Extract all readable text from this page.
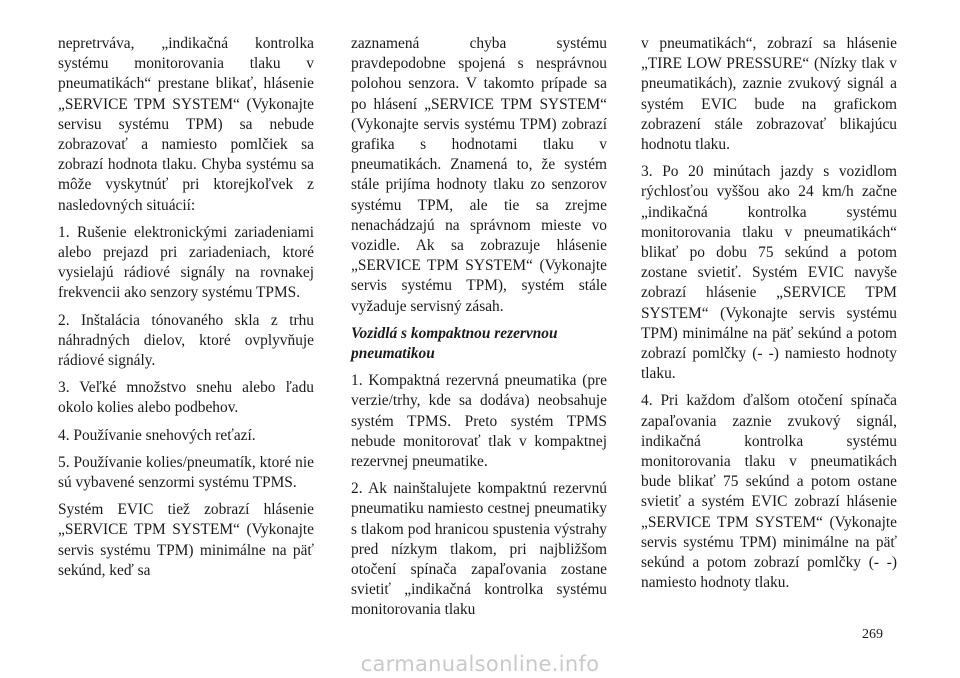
nepretrváva, „indikačná kontrolka systému monitorovania tlaku v pneumatikách“ prestane blikať, hlásenie „SERVICE TPM SYSTEM“ (Vykonajte servisu systému TPM) sa nebude zobrazovať a namiesto pomlčiek sa zobrazí hodnota tlaku. Chyba systému sa môže vyskytnúť pri ktorejkoľvek z nasledovných situácií:

1. Rušenie elektronickými zariadeniami alebo prejazd pri zariadeniach, ktoré vysielajú rádiové signály na rovnakej frekvencii ako senzory systému TPMS.

2. Inštalácia tónovaného skla z trhu náhradných dielov, ktoré ovplyvňuje rádiové signály.

3. Veľké množstvo snehu alebo ľadu okolo kolies alebo podbehov.

4. Používanie snehových reťazí.

5. Používanie kolies/pneumatík, ktoré nie sú vybavené senzormi systému TPMS.

Systém EVIC tiež zobrazí hlásenie „SERVICE TPM SYSTEM“ (Vykonajte servis systému TPM) minimálne na päť sekúnd, keď sa

zaznamená chyba systému pravdepodobne spojená s nesprávnou polohou senzora. V takomto prípade sa po hlásení „SERVICE TPM SYSTEM“ (Vykonajte servis systému TPM) zobrazí grafika s hodnotami tlaku v pneumatikách. Znamená to, že systém stále prijíma hodnoty tlaku zo senzorov systému TPM, ale tie sa zrejme nenachádzajú na správnom mieste vo vozidle. Ak sa zobrazuje hlásenie „SERVICE TPM SYSTEM“ (Vykonajte servis systému TPM), systém stále vyžaduje servisný zásah.

Vozidlá s kompaktnou rezervnou pneumatikou

1. Kompaktná rezervná pneumatika (pre verzie/trhy, kde sa dodáva) neobsahuje systém TPMS. Preto systém TPMS nebude monitorovať tlak v kompaktnej rezervnej pneumatike.

2. Ak nainštalujete kompaktnú rezervnú pneumatiku namiesto cestnej pneumatiky s tlakom pod hranicou spustenia výstrahy pred nízkym tlakom, pri najbližšom otočení spínača zapaľovania zostane svietiť „indikačná kontrolka systému monitorovania tlaku

v pneumatikách“, zobrazí sa hlásenie „TIRE LOW PRESSURE“ (Nízky tlak v pneumatikách), zaznie zvukový signál a systém EVIC bude na grafickom zobrazení stále zobrazovať blikajúcu hodnotu tlaku.

3. Po 20 minútach jazdy s vozidlom rýchlosťou vyššou ako 24 km/h začne „indikačná kontrolka systému monitorovania tlaku v pneumatikách“ blikať po dobu 75 sekúnd a potom zostane svietiť. Systém EVIC navyše zobrazí hlásenie „SERVICE TPM SYSTEM“ (Vykonajte servis systému TPM) minimálne na päť sekúnd a potom zobrazí pomlčky (- -) namiesto hodnoty tlaku.

4. Pri každom ďalšom otočení spínača zapaľovania zaznie zvukový signál, indikačná kontrolka systému monitorovania tlaku v pneumatikách bude blikať 75 sekúnd a potom ostane svietiť a systém EVIC zobrazí hlásenie „SERVICE TPM SYSTEM“ (Vykonajte servis systému TPM) minimálne na päť sekúnd a potom zobrazí pomlčky (- -) namiesto hodnoty tlaku.

269
carmanualsonline.info
